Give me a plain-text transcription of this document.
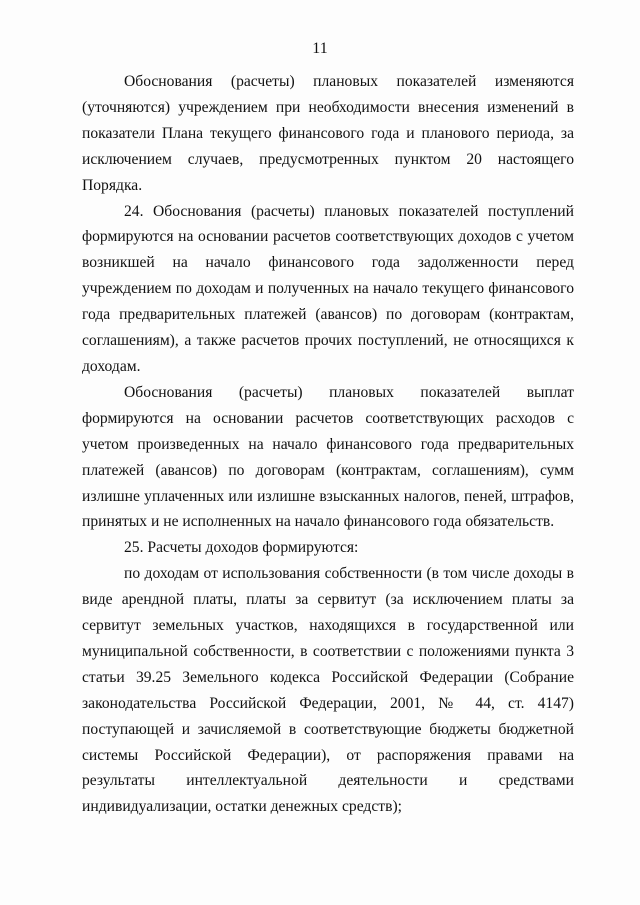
11

Обоснования (расчеты) плановых показателей изменяются (уточняются) учреждением при необходимости внесения изменений в показатели Плана текущего финансового года и планового периода, за исключением случаев, предусмотренных пунктом 20 настоящего Порядка.

24. Обоснования (расчеты) плановых показателей поступлений формируются на основании расчетов соответствующих доходов с учетом возникшей на начало финансового года задолженности перед учреждением по доходам и полученных на начало текущего финансового года предварительных платежей (авансов) по договорам (контрактам, соглашениям), а также расчетов прочих поступлений, не относящихся к доходам.

Обоснования (расчеты) плановых показателей выплат формируются на основании расчетов соответствующих расходов с учетом произведенных на начало финансового года предварительных платежей (авансов) по договорам (контрактам, соглашениям), сумм излишне уплаченных или излишне взысканных налогов, пеней, штрафов, принятых и не исполненных на начало финансового года обязательств.

25. Расчеты доходов формируются:

по доходам от использования собственности (в том числе доходы в виде арендной платы, платы за сервитут (за исключением платы за сервитут земельных участков, находящихся в государственной или муниципальной собственности, в соответствии с положениями пункта 3 статьи 39.25 Земельного кодекса Российской Федерации (Собрание законодательства Российской Федерации, 2001, № 44, ст. 4147) поступающей и зачисляемой в соответствующие бюджеты бюджетной системы Российской Федерации), от распоряжения правами на результаты интеллектуальной деятельности и средствами индивидуализации, остатки денежных средств);
